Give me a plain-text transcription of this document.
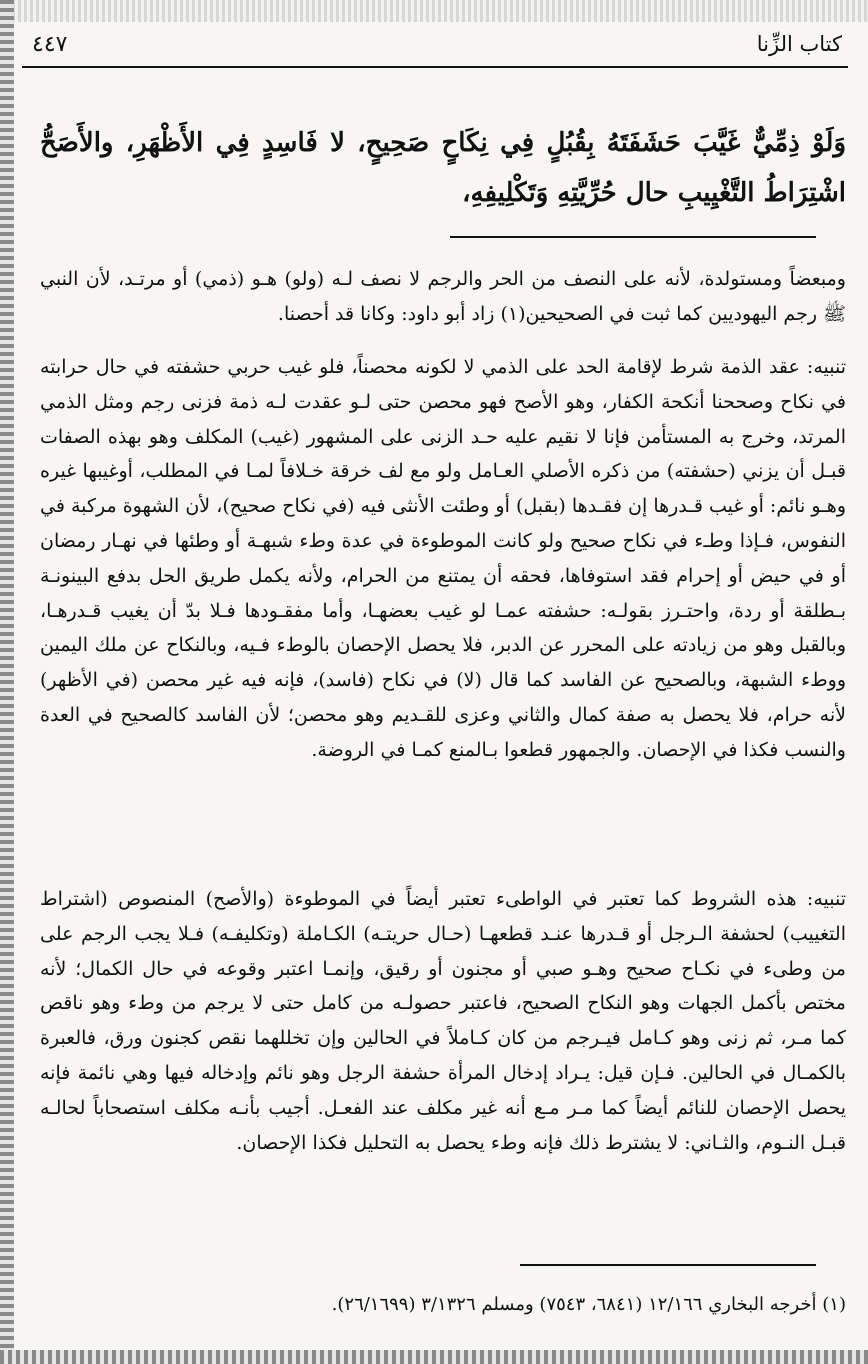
٤٤٧	كتاب الزِّنا
وَلَوْ ذِمِّيٌّ غَيَّبَ حَشَفَتَهُ بِقُبُلٍ فِي نِكَاحٍ صَحِيحٍ، لا فَاسِدٍ فِي الأَظْهَرِ، والأَصَحُّ اشْتِرَاطُ التَّغْيِيبِ حال حُرِّيَّتِهِ وَتَكْلِيفِهِ،
ومبعضاً ومستولدة، لأنه على النصف من الحر والرجم لا نصف لـه (ولو) هـو (ذمي) أو مرتـد، لأن النبي ﷺ رجم اليهوديين كما ثبت في الصحيحين(١) زاد أبو داود: وكانا قد أحصنا.
تنبيه: عقد الذمة شرط لإقامة الحد على الذمي لا لكونه محصناً، فلو غيب حربي حشفته في حال حرابته في نكاح وصححنا أنكحة الكفار، وهو الأصح فهو محصن حتى لـو عقدت لـه ذمة فزنى رجم ومثل الذمي المرتد، وخرج به المستأمن فإنا لا نقيم عليه حـد الزنى على المشهور (غيب) المكلف وهو بهذه الصفات قبـل أن يزني (حشفته) من ذكره الأصلي العـامل ولو مع لف خرقة خـلافاً لمـا في المطلب، أوغيبها غيره وهـو نائم: أو غيب قـدرها إن فقـدها (بقبل) أو وطئت الأنثى فيه (في نكاح صحيح)، لأن الشهوة مركبة في النفوس، فـإذا وطـء في نكاح صحيح ولو كانت الموطوءة في عدة وطء شبهـة أو وطئها في نهـار رمضان أو في حيض أو إحرام فقد استوفاها، فحقه أن يمتنع من الحرام، ولأنه يكمل طريق الحل بدفع البينونـة بـطلقة أو ردة، واحتـرز بقولـه: حشفته عمـا لو غيب بعضهـا، وأما مفقـودها فـلا بدّ أن يغيب قـدرهـا، وبالقبل وهو من زيادته على المحرر عن الدبر، فلا يحصل الإحصان بالوطء فـيه، وبالنكاح عن ملك اليمين ووطء الشبهة، وبالصحيح عن الفاسد كما قال (لا) في نكاح (فاسد)، فإنه فيه غير محصن (في الأظهر) لأنه حرام، فلا يحصل به صفة كمال والثاني وعزى للقـديم وهو محصن؛ لأن الفاسد كالصحيح في العدة والنسب فكذا في الإحصان. والجمهور قطعوا بـالمنع كمـا في الروضة.
تنبيه: هذه الشروط كما تعتبر في الواطىء تعتبر أيضاً في الموطوءة (والأصح) المنصوص (اشتراط التغييب) لحشفة الـرجل أو قـدرها عنـد قطعهـا (حـال حريتـه) الكـاملة (وتكليفـه) فـلا يجب الرجم على من وطىء في نكـاح صحيح وهـو صبي أو مجنون أو رقيق، وإنمـا اعتبر وقوعه في حال الكمال؛ لأنه مختص بأكمل الجهات وهو النكاح الصحيح، فاعتبر حصولـه من كامل حتى لا يرجم من وطء وهو ناقص كما مـر، ثم زنى وهو كـامل فيـرجم من كان كـاملاً في الحالين وإن تخللهما نقص كجنون ورق، فالعبرة بالكمـال في الحالين. فـإن قيل: يـراد إدخال المرأة حشفة الرجل وهو نائم وإدخاله فيها وهي نائمة فإنه يحصل الإحصان للنائم أيضاً كما مـر مـع أنه غير مكلف عند الفعـل. أجيب بأنـه مكلف استصحاباً لحالـه قبـل النـوم، والثـاني: لا يشترط ذلك فإنه وطء يحصل به التحليل فكذا الإحصان.
(١) أخرجه البخاري ١٢/١٦٦ (٦٨٤١، ٧٥٤٣) ومسلم ٣/١٣٢٦ (٢٦/١٦٩٩).
